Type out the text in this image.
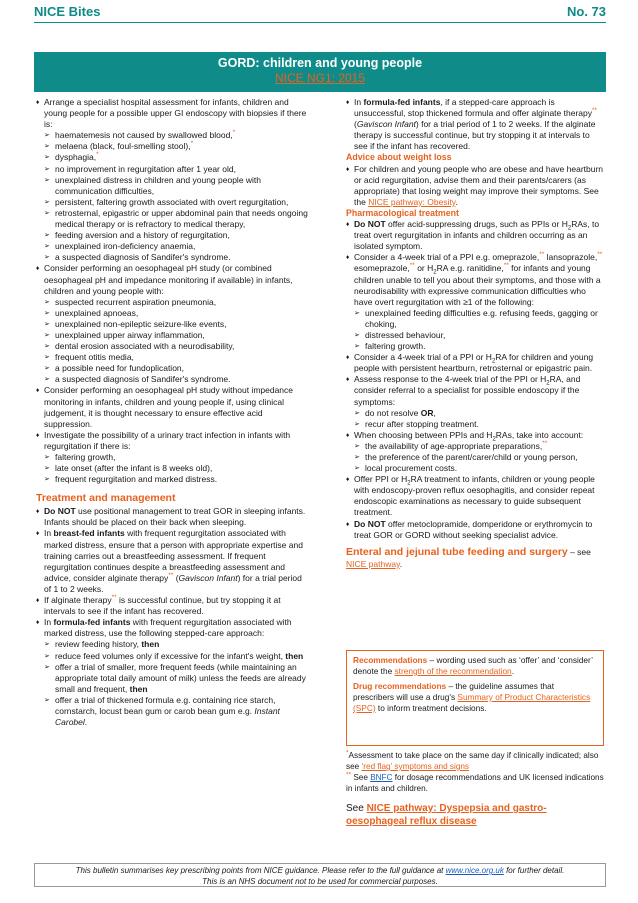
NICE Bites	No. 73
GORD: children and young people
NICE NG1: 2015
♦ Arrange a specialist hospital assessment for infants, children and young people for a possible upper GI endoscopy with biopsies if there is:
➢ haematemesis not caused by swallowed blood,*
➢ melaena (black, foul-smelling stool),*
➢ dysphagia,*
➢ no improvement in regurgitation after 1 year old,
➢ unexplained distress in children and young people with communication difficulties,
➢ persistent, faltering growth associated with overt regurgitation,
➢ retrosternal, epigastric or upper abdominal pain that needs ongoing medical therapy or is refractory to medical therapy,
➢ feeding aversion and a history of regurgitation,
➢ unexplained iron-deficiency anaemia,
➢ a suspected diagnosis of Sandifer's syndrome.
♦ Consider performing an oesophageal pH study (or combined oesophageal pH and impedance monitoring if available) in infants, children and young people with:
➢ suspected recurrent aspiration pneumonia,
➢ unexplained apnoeas,
➢ unexplained non-epileptic seizure-like events,
➢ unexplained upper airway inflammation,
➢ dental erosion associated with a neurodisability,
➢ frequent otitis media,
➢ a possible need for fundoplication,
➢ a suspected diagnosis of Sandifer's syndrome.
♦ Consider performing an oesophageal pH study without impedance monitoring in infants, children and young people if, using clinical judgement, it is thought necessary to ensure effective acid suppression.
♦ Investigate the possibility of a urinary tract infection in infants with regurgitation if there is:
➢ faltering growth,
➢ late onset (after the infant is 8 weeks old),
➢ frequent regurgitation and marked distress.
Treatment and management
♦ Do NOT use positional management to treat GOR in sleeping infants. Infants should be placed on their back when sleeping.
♦ In breast-fed infants with frequent regurgitation associated with marked distress, ensure that a person with appropriate expertise and training carries out a breastfeeding assessment. If frequent regurgitation continues despite a breastfeeding assessment and advice, consider alginate therapy** (Gaviscon Infant) for a trial period of 1 to 2 weeks.
♦ If alginate therapy** is successful continue, but try stopping it at intervals to see if the infant has recovered.
♦ In formula-fed infants with frequent regurgitation associated with marked distress, use the following stepped-care approach:
➢ review feeding history, then
➢ reduce feed volumes only if excessive for the infant's weight, then
➢ offer a trial of smaller, more frequent feeds (while maintaining an appropriate total daily amount of milk) unless the feeds are already small and frequent, then
➢ offer a trial of thickened formula e.g. containing rice starch, cornstarch, locust bean gum or carob bean gum e.g. Instant Carobel.
♦ In formula-fed infants, if a stepped-care approach is unsuccessful, stop thickened formula and offer alginate therapy** (Gaviscon Infant) for a trial period of 1 to 2 weeks. If the alginate therapy is successful continue, but try stopping it at intervals to see if the infant has recovered.
Advice about weight loss
♦ For children and young people who are obese and have heartburn or acid regurgitation, advise them and their parents/carers (as appropriate) that losing weight may improve their symptoms. See the NICE pathway: Obesity.
Pharmacological treatment
♦ Do NOT offer acid-suppressing drugs, such as PPIs or $H_2RAs$, to treat overt regurgitation in infants and children occurring as an isolated symptom.
♦ Consider a 4-week trial of a PPI e.g. omeprazole,** lansoprazole,** esomeprazole,** or $H_2RA$ e.g. ranitidine,** for infants and young children unable to tell you about their symptoms, and those with a neurodisability with expressive communication difficulties who have overt regurgitation with ≥1 of the following:
➢ unexplained feeding difficulties e.g. refusing feeds, gagging or choking,
➢ distressed behaviour,
➢ faltering growth.
♦ Consider a 4-week trial of a PPI or $H_2RA$ for children and young people with persistent heartburn, retrosternal or epigastric pain.
♦ Assess response to the 4-week trial of the PPI or $H_2RA$, and consider referral to a specialist for possible endoscopy if the symptoms:
➢ do not resolve OR,
➢ recur after stopping treatment.
♦ When choosing between PPIs and $H_2RAs$, take into account:
➢ the availability of age-appropriate preparations,**
➢ the preference of the parent/carer/child or young person,
➢ local procurement costs.
♦ Offer PPI or $H_2RA$ treatment to infants, children or young people with endoscopy-proven reflux oesophagitis, and consider repeat endoscopic examinations as necessary to guide subsequent treatment.
♦ Do NOT offer metoclopramide, domperidone or erythromycin to treat GOR or GORD without seeking specialist advice.
Enteral and jejunal tube feeding and surgery – see
NICE pathway.
Recommendations – wording used such as ‘offer’ and ‘consider’ denote the strength of the recommendation.
Drug recommendations – the guideline assumes that prescribers will use a drug's Summary of Product Characteristics (SPC) to inform treatment decisions.
*Assessment to take place on the same day if clinically indicated; also see ‘red flag’ symptoms and signs
** See BNFC for dosage recommendations and UK licensed indications in infants and children.
See NICE pathway: Dyspepsia and gastro-oesophageal reflux disease
This bulletin summarises key prescribing points from NICE guidance. Please refer to the full guidance at www.nice.org.uk for further detail.
This is an NHS document not to be used for commercial purposes.
